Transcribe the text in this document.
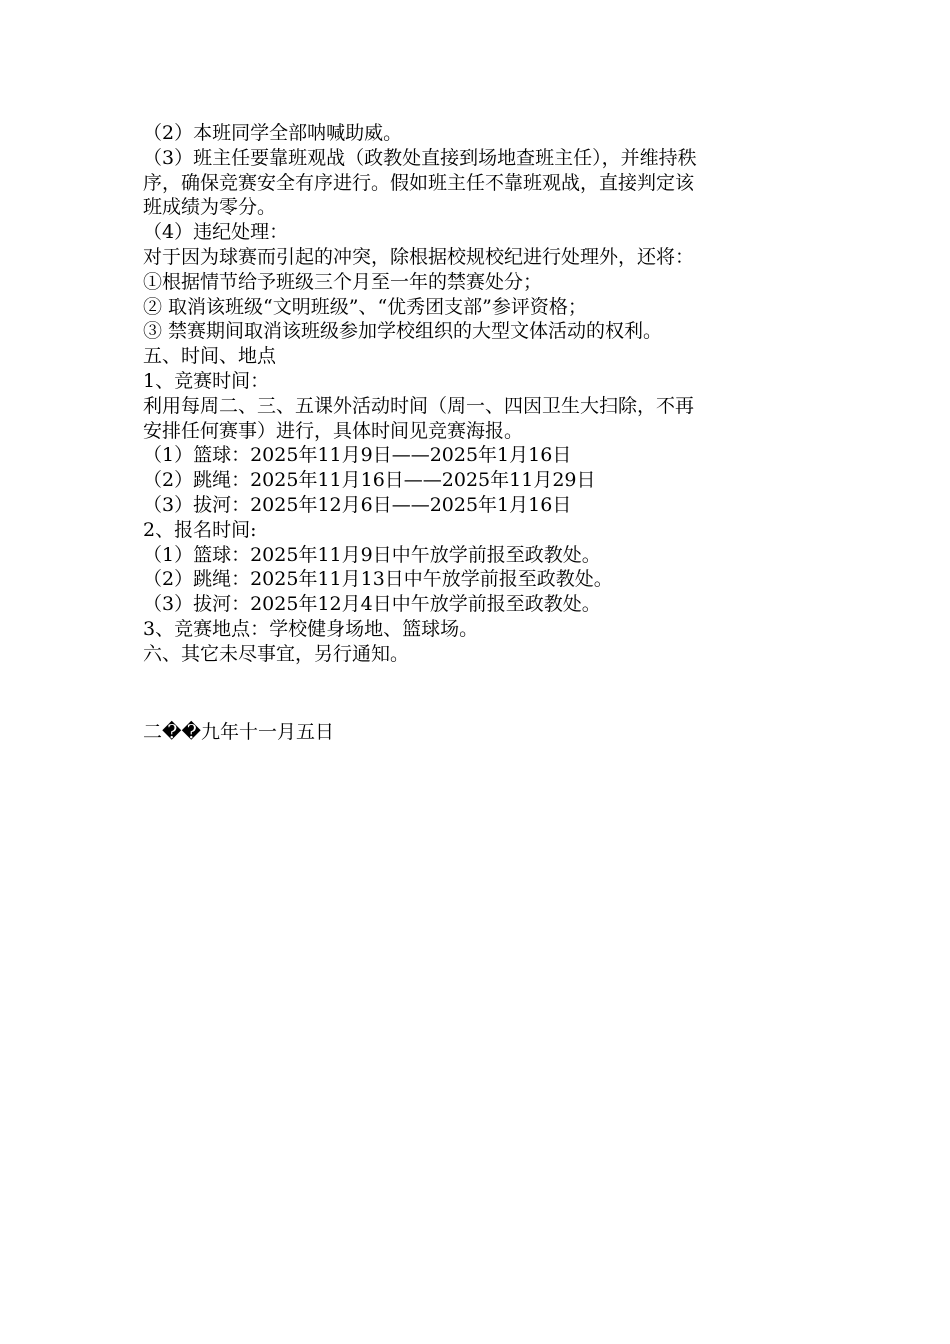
（2）本班同学全部呐喊助威。
（3）班主任要靠班观战（政教处直接到场地查班主任），并维持秩
序，确保竞赛安全有序进行。假如班主任不靠班观战，直接判定该
班成绩为零分。
（4）违纪处理：
对于因为球赛而引起的冲突，除根据校规校纪进行处理外，还将：
①根据情节给予班级三个月至一年的禁赛处分；
② 取消该班级“文明班级”、“优秀团支部”参评资格；
③ 禁赛期间取消该班级参加学校组织的大型文体活动的权利。
五、时间、地点
1、竞赛时间：
利用每周二、三、五课外活动时间（周一、四因卫生大扫除，不再
安排任何赛事）进行，具体时间见竞赛海报。
（1）篮球：2025年11月9日——2025年1月16日
（2）跳绳：2025年11月16日——2025年11月29日
（3）拔河：2025年12月6日——2025年1月16日
2、报名时间:
（1）篮球：2025年11月9日中午放学前报至政教处。
（2）跳绳：2025年11月13日中午放学前报至政教处。
（3）拔河：2025年12月4日中午放学前报至政教处。
3、竞赛地点：学校健身场地、篮球场。
六、其它未尽事宜，另行通知。
二��九年十一月五日
